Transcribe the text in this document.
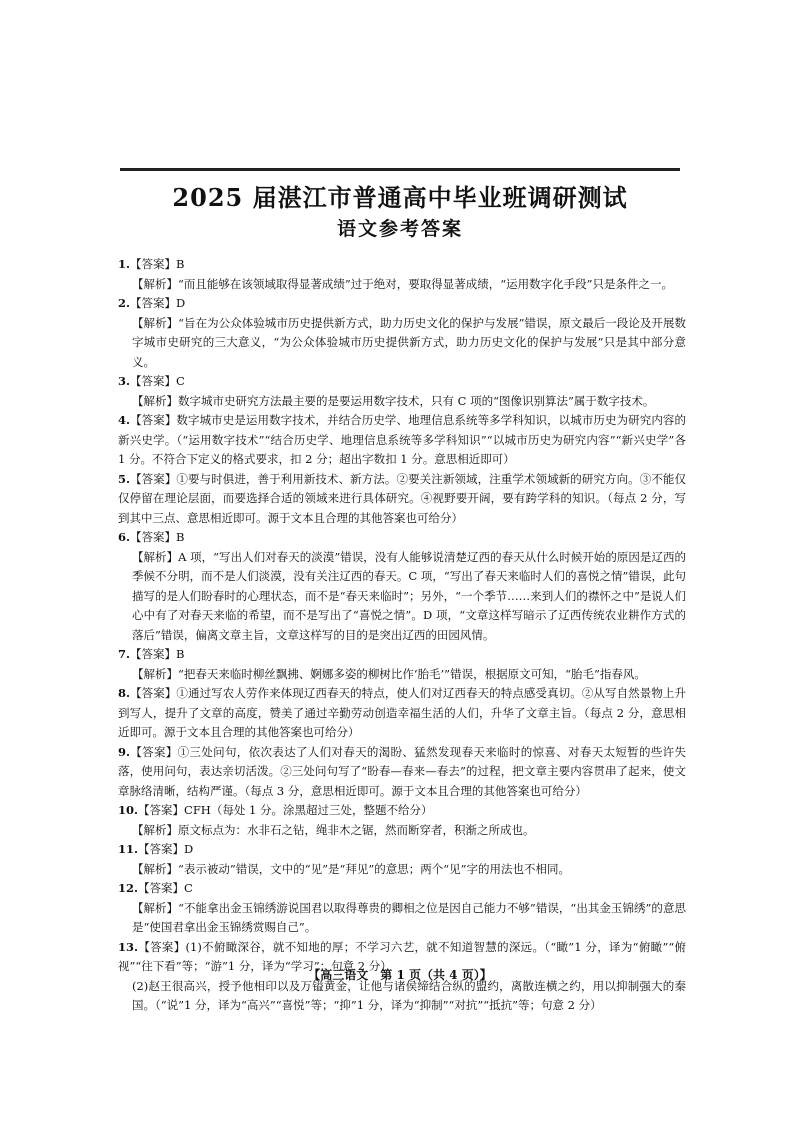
2025 届湛江市普通高中毕业班调研测试
语文参考答案

1.【答案】B

【解析】“而且能够在该领域取得显著成绩”过于绝对，要取得显著成绩，“运用数字化手段”只是条件之一。

2.【答案】D

【解析】“旨在为公众体验城市历史提供新方式，助力历史文化的保护与发展”错误，原文最后一段论及开展数字城市史研究的三大意义，“为公众体验城市历史提供新方式，助力历史文化的保护与发展”只是其中部分意义。

3.【答案】C

【解析】数字城市史研究方法最主要的是要运用数字技术，只有 C 项的“图像识别算法”属于数字技术。

4.【答案】数字城市史是运用数字技术，并结合历史学、地理信息系统等多学科知识，以城市历史为研究内容的新兴史学。（“运用数字技术”“结合历史学、地理信息系统等多学科知识”“以城市历史为研究内容”“新兴史学”各 1 分。不符合下定义的格式要求，扣 2 分；超出字数扣 1 分。意思相近即可）

5.【答案】①要与时俱进，善于利用新技术、新方法。②要关注新领域，注重学术领域新的研究方向。③不能仅仅停留在理论层面，而要选择合适的领域来进行具体研究。④视野要开阔，要有跨学科的知识。（每点 2 分，写到其中三点、意思相近即可。源于文本且合理的其他答案也可给分）

6.【答案】B

【解析】A 项，“写出人们对春天的淡漠”错误，没有人能够说清楚辽西的春天从什么时候开始的原因是辽西的季候不分明，而不是人们淡漠，没有关注辽西的春天。C 项，“写出了春天来临时人们的喜悦之情”错误，此句描写的是人们盼春时的心理状态，而不是“春天来临时”；另外，“一个季节……来到人们的襟怀之中”是说人们心中有了对春天来临的希望，而不是写出了“喜悦之情”。D 项，“文章这样写暗示了辽西传统农业耕作方式的落后”错误，偏离文章主旨，文章这样写的目的是突出辽西的田园风情。

7.【答案】B

【解析】“把春天来临时柳丝飘拂、婀娜多姿的柳树比作‘胎毛’”错误，根据原文可知，“胎毛”指春风。

8.【答案】①通过写农人劳作来体现辽西春天的特点，使人们对辽西春天的特点感受真切。②从写自然景物上升到写人，提升了文章的高度，赞美了通过辛勤劳动创造幸福生活的人们，升华了文章主旨。（每点 2 分，意思相近即可。源于文本且合理的其他答案也可给分）

9.【答案】①三处问句，依次表达了人们对春天的渴盼、猛然发现春天来临时的惊喜、对春天太短暂的些许失落，使用问句，表达亲切活泼。②三处问句写了“盼春—春来—春去”的过程，把文章主要内容贯串了起来，使文章脉络清晰，结构严谨。（每点 3 分，意思相近即可。源于文本且合理的其他答案也可给分）

10.【答案】CFH（每处 1 分。涂黑超过三处，整题不给分）

【解析】原文标点为：水非石之钻，绳非木之锯，然而断穿者，积渐之所成也。

11.【答案】D

【解析】“表示被动”错误，文中的“见”是“拜见”的意思；两个“见”字的用法也不相同。

12.【答案】C

【解析】“不能拿出金玉锦绣游说国君以取得尊贵的卿相之位是因自己能力不够”错误，“出其金玉锦绣”的意思是“使国君拿出金玉锦绣赏赐自己”。

13.【答案】(1)不俯瞰深谷，就不知地的厚；不学习六艺，就不知道智慧的深远。（“瞰”1 分，译为“俯瞰”“俯视”“往下看”等；“游”1 分，译为“学习”；句意 2 分）

(2)赵王很高兴，授予他相印以及万镒黄金，让他与诸侯缔结合纵的盟约，离散连横之约，用以抑制强大的秦国。（“说”1 分，译为“高兴”“喜悦”等；“抑”1 分，译为“抑制”“对抗”“抵抗”等；句意 2 分）

【高三语文　第 1 页（共 4 页）】
